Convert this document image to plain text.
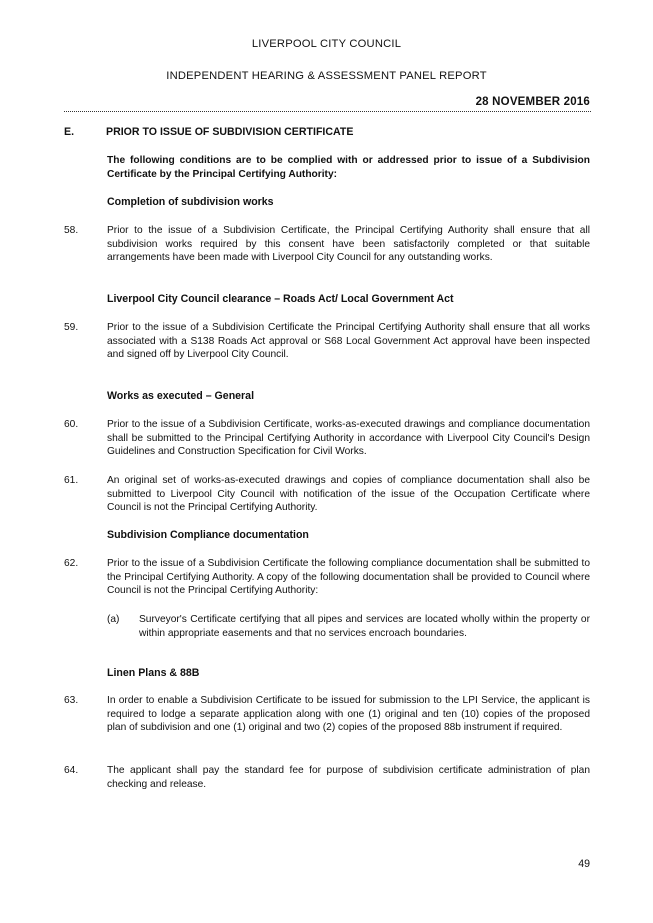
LIVERPOOL CITY COUNCIL
INDEPENDENT HEARING & ASSESSMENT PANEL REPORT
28 NOVEMBER 2016
E.	PRIOR TO ISSUE OF SUBDIVISION CERTIFICATE
The following conditions are to be complied with or addressed prior to issue of a Subdivision Certificate by the Principal Certifying Authority:
Completion of subdivision works
58.	Prior to the issue of a Subdivision Certificate, the Principal Certifying Authority shall ensure that all subdivision works required by this consent have been satisfactorily completed or that suitable arrangements have been made with Liverpool City Council for any outstanding works.
Liverpool City Council clearance – Roads Act/ Local Government Act
59.	Prior to the issue of a Subdivision Certificate the Principal Certifying Authority shall ensure that all works associated with a S138 Roads Act approval or S68 Local Government Act approval have been inspected and signed off by Liverpool City Council.
Works as executed – General
60.	Prior to the issue of a Subdivision Certificate, works-as-executed drawings and compliance documentation shall be submitted to the Principal Certifying Authority in accordance with Liverpool City Council's Design Guidelines and Construction Specification for Civil Works.
61.	An original set of works-as-executed drawings and copies of compliance documentation shall also be submitted to Liverpool City Council with notification of the issue of the Occupation Certificate where Council is not the Principal Certifying Authority.
Subdivision Compliance documentation
62.	Prior to the issue of a Subdivision Certificate the following compliance documentation shall be submitted to the Principal Certifying Authority. A copy of the following documentation shall be provided to Council where Council is not the Principal Certifying Authority:
(a) Surveyor's Certificate certifying that all pipes and services are located wholly within the property or within appropriate easements and that no services encroach boundaries.
Linen Plans & 88B
63.	In order to enable a Subdivision Certificate to be issued for submission to the LPI Service, the applicant is required to lodge a separate application along with one (1) original and ten (10) copies of the proposed plan of subdivision and one (1) original and two (2) copies of the proposed 88b instrument if required.
64.	The applicant shall pay the standard fee for purpose of subdivision certificate administration of plan checking and release.
49
